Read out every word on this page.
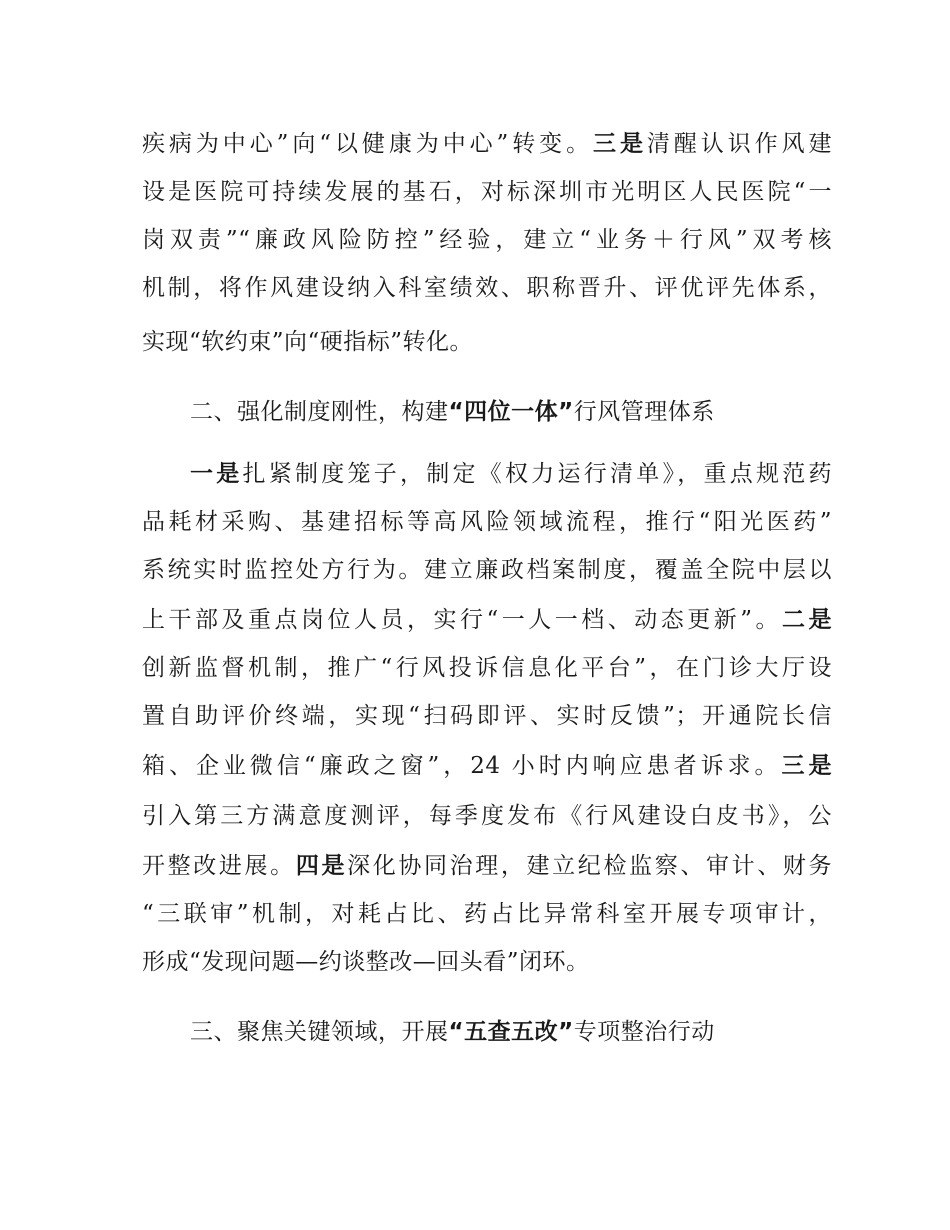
疾病为中心”向“以健康为中心”转变。三是清醒认识作风建
设是医院可持续发展的基石，对标深圳市光明区人民医院“一
岗双责”“廉政风险防控”经验，建立“业务＋行风”双考核
机制，将作风建设纳入科室绩效、职称晋升、评优评先体系，
实现“软约束”向“硬指标”转化。
二、强化制度刚性，构建“四位一体”行风管理体系
一是扎紧制度笼子，制定《权力运行清单》，重点规范药
品耗材采购、基建招标等高风险领域流程，推行“阳光医药”
系统实时监控处方行为。建立廉政档案制度，覆盖全院中层以
上干部及重点岗位人员，实行“一人一档、动态更新”。二是
创新监督机制，推广“行风投诉信息化平台”，在门诊大厅设
置自助评价终端，实现“扫码即评、实时反馈”；开通院长信
箱、企业微信“廉政之窗”，24 小时内响应患者诉求。三是
引入第三方满意度测评，每季度发布《行风建设白皮书》，公
开整改进展。四是深化协同治理，建立纪检监察、审计、财务
“三联审”机制，对耗占比、药占比异常科室开展专项审计，
形成“发现问题—约谈整改—回头看”闭环。
三、聚焦关键领域，开展“五查五改”专项整治行动
